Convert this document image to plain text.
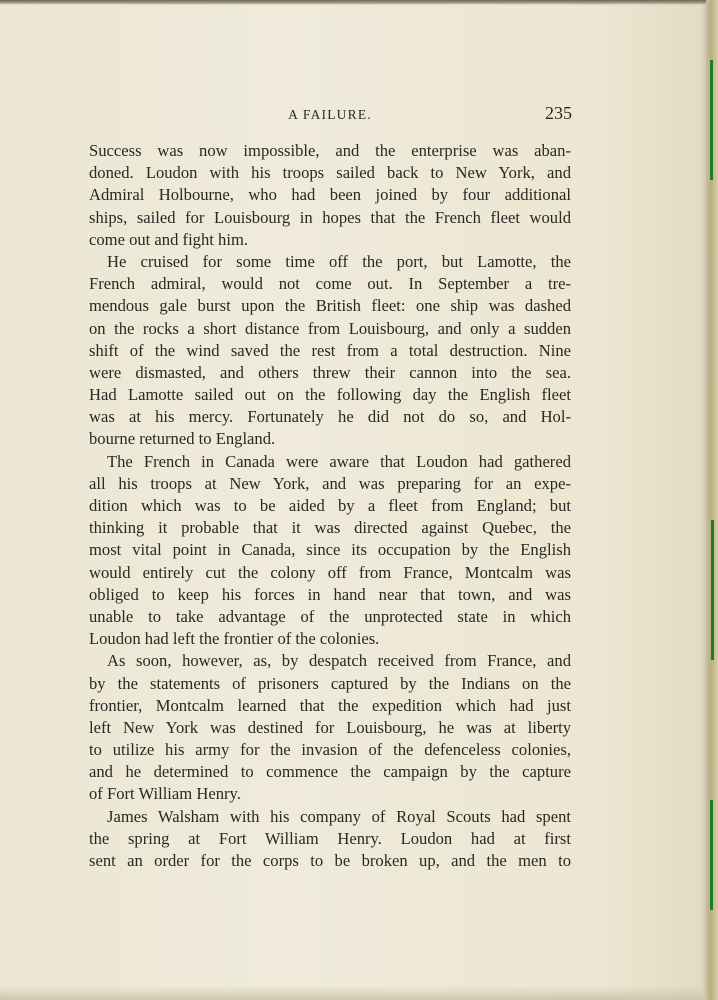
A FAILURE.	235
Success was now impossible, and the enterprise was aban-
doned. Loudon with his troops sailed back to New York, and
Admiral Holbourne, who had been joined by four additional
ships, sailed for Louisbourg in hopes that the French fleet would
come out and fight him.
He cruised for some time off the port, but Lamotte, the
French admiral, would not come out. In September a tre-
mendous gale burst upon the British fleet: one ship was dashed
on the rocks a short distance from Louisbourg, and only a sudden
shift of the wind saved the rest from a total destruction. Nine
were dismasted, and others threw their cannon into the sea.
Had Lamotte sailed out on the following day the English fleet
was at his mercy. Fortunately he did not do so, and Hol-
bourne returned to England.
The French in Canada were aware that Loudon had gathered
all his troops at New York, and was preparing for an expe-
dition which was to be aided by a fleet from England; but
thinking it probable that it was directed against Quebec, the
most vital point in Canada, since its occupation by the English
would entirely cut the colony off from France, Montcalm was
obliged to keep his forces in hand near that town, and was
unable to take advantage of the unprotected state in which
Loudon had left the frontier of the colonies.
As soon, however, as, by despatch received from France, and
by the statements of prisoners captured by the Indians on the
frontier, Montcalm learned that the expedition which had just
left New York was destined for Louisbourg, he was at liberty
to utilize his army for the invasion of the defenceless colonies,
and he determined to commence the campaign by the capture
of Fort William Henry.
James Walsham with his company of Royal Scouts had spent
the spring at Fort William Henry. Loudon had at first
sent an order for the corps to be broken up, and the men to
